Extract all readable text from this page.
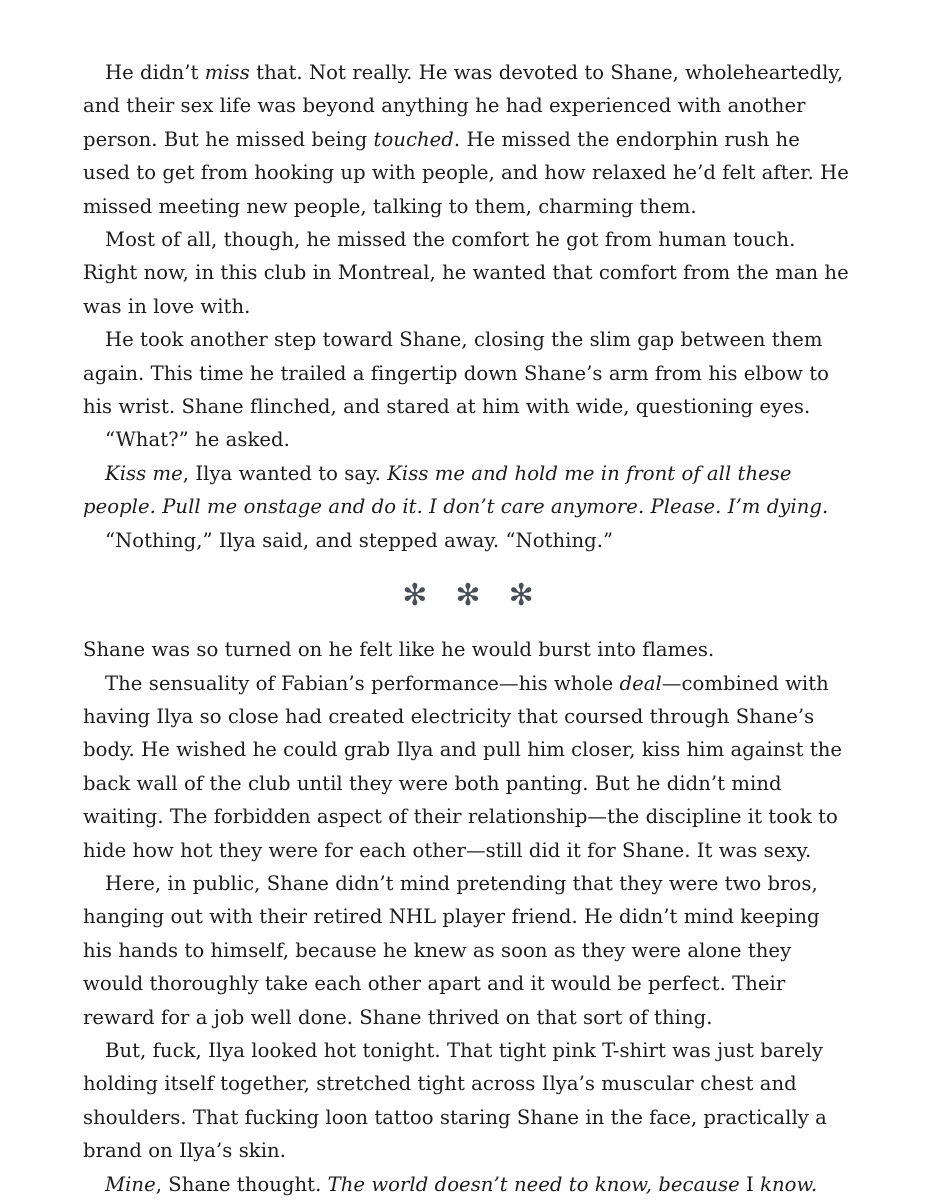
He didn’t miss that. Not really. He was devoted to Shane, wholeheartedly, and their sex life was beyond anything he had experienced with another person. But he missed being touched. He missed the endorphin rush he used to get from hooking up with people, and how relaxed he’d felt after. He missed meeting new people, talking to them, charming them.

Most of all, though, he missed the comfort he got from human touch. Right now, in this club in Montreal, he wanted that comfort from the man he was in love with.

He took another step toward Shane, closing the slim gap between them again. This time he trailed a fingertip down Shane’s arm from his elbow to his wrist. Shane flinched, and stared at him with wide, questioning eyes.

“What?” he asked.

Kiss me, Ilya wanted to say. Kiss me and hold me in front of all these people. Pull me onstage and do it. I don’t care anymore. Please. I’m dying.

“Nothing,” Ilya said, and stepped away. “Nothing.”

✻ ✻ ✻

Shane was so turned on he felt like he would burst into flames.

The sensuality of Fabian’s performance—his whole deal—combined with having Ilya so close had created electricity that coursed through Shane’s body. He wished he could grab Ilya and pull him closer, kiss him against the back wall of the club until they were both panting. But he didn’t mind waiting. The forbidden aspect of their relationship—the discipline it took to hide how hot they were for each other—still did it for Shane. It was sexy.

Here, in public, Shane didn’t mind pretending that they were two bros, hanging out with their retired NHL player friend. He didn’t mind keeping his hands to himself, because he knew as soon as they were alone they would thoroughly take each other apart and it would be perfect. Their reward for a job well done. Shane thrived on that sort of thing.

But, fuck, Ilya looked hot tonight. That tight pink T-shirt was just barely holding itself together, stretched tight across Ilya’s muscular chest and shoulders. That fucking loon tattoo staring Shane in the face, practically a brand on Ilya’s skin.

Mine, Shane thought. The world doesn’t need to know, because I know.
